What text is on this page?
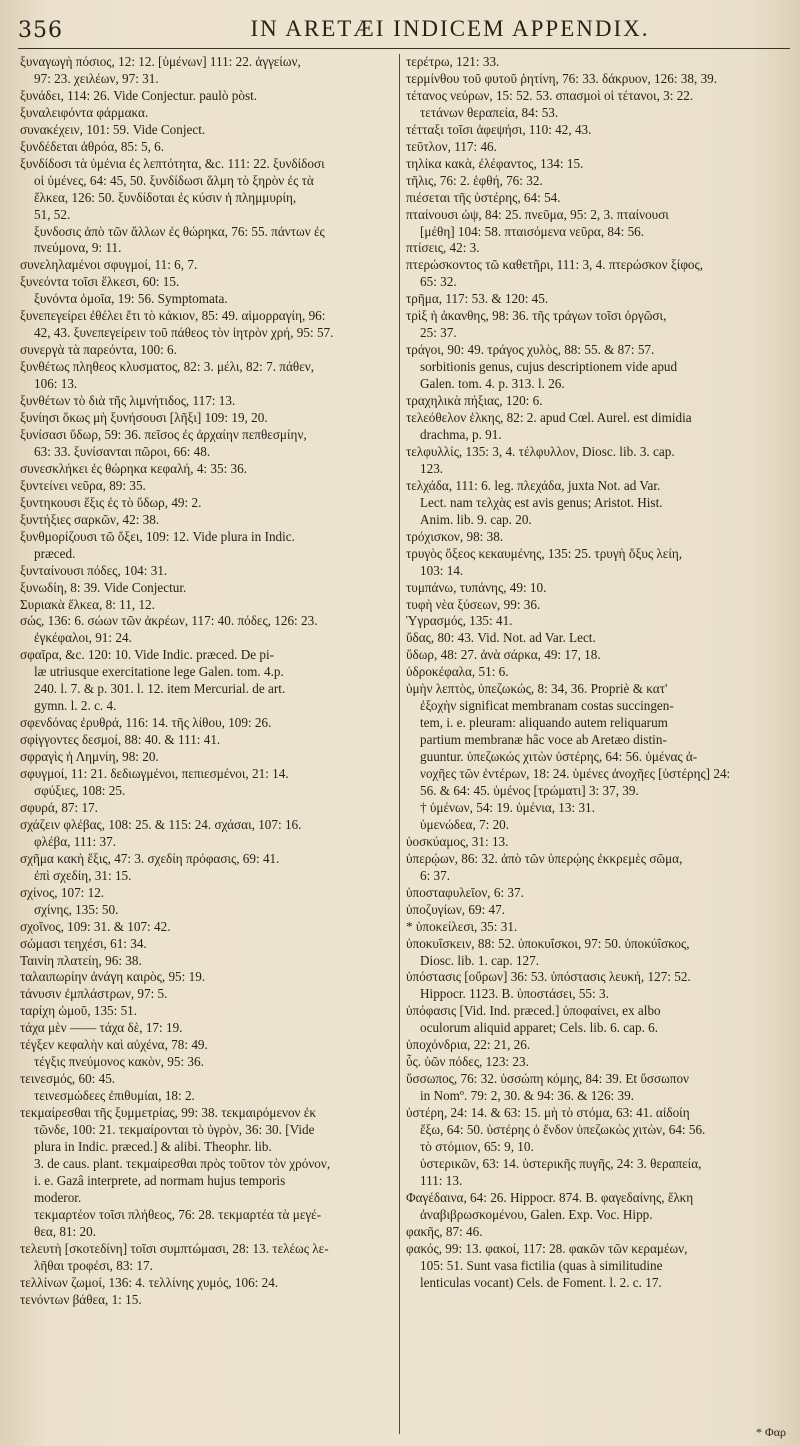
356	IN ARETÆI INDICEM APPENDIX.
ξυναγωγὴ πόσιος, 12: 12. [ὑμένων] 111: 22. ἀγγείων,
97: 23. χειλέων, 97: 31.
ξυνάδει, 114: 26. Vide Conjectur. paulò pòst.
ξυναλειφόντα φάρμακα.
συνακέχειν, 101: 59. Vide Conject.
ξυνδέδεται ἀθρόα, 85: 5, 6.
ξυνδίδοσι τὰ ὑμένια ἐς λεπτότητα, &c. 111: 22. ξυνδίδοσι
οἱ ὑμένες, 64: 45, 50. ξυνδίδωσι ἅλμη τὸ ξηρὸν ἐς τὰ
ἕλκεα, 126: 50. ξυνδίδοται ἐς κύσιν ἡ πλημμυρίη,
51, 52.
ξυνδοσις ἀπὸ τῶν ἄλλων ἐς θώρηκα, 76: 55. πάντων ἐς
πνεύμονα, 9: 11.
συνεληλαμένοι σφυγμοί, 11: 6, 7.
ξυνεόντα τοῖσι ἕλκεσι, 60: 15.
ξυνόντα ὁμοῖα, 19: 56. Symptomata.
ξυνεπεγείρει ἐθέλει ἔτι τὸ κάκιον, 85: 49. αἱμορραγίη, 96:
42, 43. ξυνεπεγείρειν τοῦ πάθεος τὸν ἰητρὸν χρή, 95: 57.
συνεργὰ τὰ παρεόντα, 100: 6.
ξυνθέτως πληθεος κλυσματος, 82: 3. μέλι, 82: 7. πάθεν,
106: 13.
ξυνθέτων τὸ διὰ τῆς λιμνήτιδος, 117: 13.
ξυνίησι ὅκως μὴ ξυνήσουσι [λῆξι] 109: 19, 20.
ξυνίσασι ὕδωρ, 59: 36. πεῖσος ἐς ἀρχαίην πεπθεσμίην,
63: 33. ξυνίσανται πῶροι, 66: 48.
συνεσκλήκει ἐς θώρηκα κεφαλή, 4: 35: 36.
ξυντείνει νεῦρα, 89: 35.
ξυντηκουσι ἕξις ἐς τὸ ὕδωρ, 49: 2.
ξυντήξιες σαρκῶν, 42: 38.
ξυνθμορίζουσι τῶ ὄξει, 109: 12. Vide plura in Indic.
præced.
ξυνταίνουσι πόδες, 104: 31.
ξυνωδίη, 8: 39. Vide Conjectur.
Συριακὰ ἕλκεα, 8: 11, 12.
σώς, 136: 6. σώων τῶν ἀκρέων, 117: 40. πόδες, 126: 23.
ἐγκέφαλοι, 91: 24.
σφαῖρα, &c. 120: 10. Vide Indic. præced. De pi-
læ utriusque exercitatione lege Galen. tom. 4.p.
240. l. 7. & p. 301. l. 12. item Mercurial. de art.
gymn. l. 2. c. 4.
σφενδόνας ἐρυθρά, 116: 14. τῆς λίθου, 109: 26.
σφίγγοντες δεσμοί, 88: 40. & 111: 41.
σφραγὶς ἡ Λημνίη, 98: 20.
σφυγμοί, 11: 21. δεδιωγμένοι, πεπιεσμένοι, 21: 14.
σφύξιες, 108: 25.
σφυρά, 87: 17.
σχάζειν φλέβας, 108: 25. & 115: 24. σχάσαι, 107: 16.
φλέβα, 111: 37.
σχῆμα κακὴ ἕξις, 47: 3. σχεδίη πρόφασις, 69: 41.
ἐπὶ σχεδίη, 31: 15.
σχίνος, 107: 12.
σχίνης, 135: 50.
σχοῖνος, 109: 31. & 107: 42.
σώμασι τεηχέσι, 61: 34.
Ταινίη πλατείη, 96: 38.
ταλαιπωρίην ἀνάγη καιρὸς, 95: 19.
τάνυσιν ἐμπλάστρων, 97: 5.
ταρίχη ὠμοῦ, 135: 51.
τάχα μὲν —— τάχα δὲ, 17: 19.
τέγξεν κεφαλὴν καὶ αὐχένα, 78: 49.
τέγξις πνεύμονος κακὸν, 95: 36.
τεινεσμός, 60: 45.
τεινεσμώδεες ἐπιθυμίαι, 18: 2.
τεκμαίρεσθαι τῆς ξυμμετρίας, 99: 38. τεκμαιρόμενον ἐκ
τῶνδε, 100: 21. τεκμαίρονται τὸ ὑγρὸν, 36: 30. [Vide
plura in Indic. præced.] & alibi. Theophr. lib.
3. de caus. plant. τεκμαίρεσθαι πρὸς τοῦτον τὸν χρόνον,
i. e. Gazâ interprete, ad normam hujus temporis
moderor.
τεκμαρτέον τοῖσι πλήθεος, 76: 28. τεκμαρτέα τὰ μεγέ-
θεα, 81: 20.
τελευτὴ [σκοτεδίνη] τοῖσι συμπτώμασι, 28: 13. τελέως λε-
λῆθαι τροφέσι, 83: 17.
τελλίνων ζωμοί, 136: 4. τελλίνης χυμός, 106: 24.
τενόντων βάθεα, 1: 15.
τερέτρω, 121: 33.
τερμίνθου τοῦ φυτοῦ ῥητίνη, 76: 33. δάκρυον, 126: 38, 39.
τέτανος νεύρων, 15: 52. 53. σπασμοὶ οἱ τέτανοι, 3: 22.
τετάνων θεραπεία, 84: 53.
τέτταξι τοῖσι ἀφεψήσι, 110: 42, 43.
τεῦτλον, 117: 46.
τηλίκα κακὰ, ἐλέφαντος, 134: 15.
τῆλις, 76: 2. ἑφθή, 76: 32.
πιέσεται τῆς ὑστέρης, 64: 54.
πταίνουσι ὠψ, 84: 25. πνεῦμα, 95: 2, 3. πταίνουσι
[μέθη] 104: 58. πταισόμενα νεῦρα, 84: 56.
πτίσεις, 42: 3.
πτερώσκοντος τῶ καθετῆρι, 111: 3, 4. πτερώσκον ξίφος,
65: 32.
τρῆμα, 117: 53. & 120: 45.
τρὶξ ἡ ἀκανθης, 98: 36. τῆς τράγων τοῖσι ὀργῶσι,
25: 37.
τράγοι, 90: 49. τράγος χυλὸς, 88: 55. & 87: 57.
sorbitionis genus, cujus descriptionem vide apud
Galen. tom. 4. p. 313. l. 26.
τραχηλικὰ πήξιας, 120: 6.
τελεόθελον ἑλκης, 82: 2. apud Cœl. Aurel. est dimidia
drachma, p. 91.
τελφυλλίς, 135: 3, 4. τέλφυλλον, Diosc. lib. 3. cap.
123.
τελχάδα, 111: 6. leg. πλεχάδα, juxta Not. ad Var.
Lect. nam τελχὰς est avis genus; Aristot. Hist.
Anim. lib. 9. cap. 20.
τρόχισκον, 98: 38.
τρυγὸς ὄξεος κεκαυμένης, 135: 25. τρυγὴ ὄξυς λείη,
103: 14.
τυμπάνω, τυπάνης, 49: 10.
τυφὴ νὲα ξύσεων, 99: 36.
Ὑγρασμός, 135: 41.
ὕδας, 80: 43. Vid. Not. ad Var. Lect.
ὕδωρ, 48: 27. ἀνὰ σάρκα, 49: 17, 18.
ὑδροκέφαλα, 51: 6.
ὑμὴν λεπτὸς, ὑπεζωκώς, 8: 34, 36. Propriè & κατ'
ἐξοχὴν significat membranam costas succingen-
tem, i. e. pleuram: aliquando autem reliquarum
partium membranæ hâc voce ab Aretæo distin-
guuntur. ὑπεζωκώς χιτὼν ὑστέρης, 64: 56. ὑμένας ἀ-
νοχῆες τῶν ἐντέρων, 18: 24. ὑμένες ἀνοχῆες [ὑστέρης] 24:
56. & 64: 45. ὑμένος [τρώματι] 3: 37, 39.
† ὑμένων, 54: 19. ὑμένια, 13: 31.
ὑμενώδεα, 7: 20.
ὑοσκύαμος, 31: 13.
ὑπερῴων, 86: 32. ἀπὸ τῶν ὑπερῴης ἐκκρεμὲς σῶμα,
6: 37.
ὑποσταφυλεῖον, 6: 37.
ὑποζυγίων, 69: 47.
* ὑποκείλεσι, 35: 31.
ὑποκυΐσκειν, 88: 52. ὑποκυΐσκοι, 97: 50. ὑποκύΐσκος,
Diosc. lib. 1. cap. 127.
ὑπόστασις [οὔρων] 36: 53. ὑπόστασις λευκή, 127: 52.
Hippocr. 1123. B. ὑποστάσει, 55: 3.
ὑπόφασις [Vid. Ind. præced.] ὑποφαίνει, ex albo
oculorum aliquid apparet; Cels. lib. 6. cap. 6.
ὑποχόνδρια, 22: 21, 26.
ὗς. ὑῶν πόδες, 123: 23.
ὕσσωπος, 76: 32. ὑσσώπη κόμης, 84: 39. Et ὕσσωπον
in Nomº. 79: 2, 30. & 94: 36. & 126: 39.
ὑστέρη, 24: 14. & 63: 15. μὴ τὸ στόμα, 63: 41. αἰδοίη
ἔξω, 64: 50. ὑστέρης ὁ ἔνδον ὑπεζωκὼς χιτὼν, 64: 56.
τὸ στόμιον, 65: 9, 10.
ὑστερικῶν, 63: 14. ὑστερικῆς πυγῆς, 24: 3. θεραπεία,
111: 13.
Φαγέδαινα, 64: 26. Hippocr. 874. B. φαγεδαίνης, ἕλκη
ἀναβιβρωσκομένου, Galen. Exp. Voc. Hipp.
φακῆς, 87: 46.
φακός, 99: 13. φακοί, 117: 28. φακῶν τῶν κεραμέων,
105: 51. Sunt vasa fictilia (quas à similitudine
lenticulas vocant) Cels. de Foment. l. 2. c. 17.
* Φαρ
